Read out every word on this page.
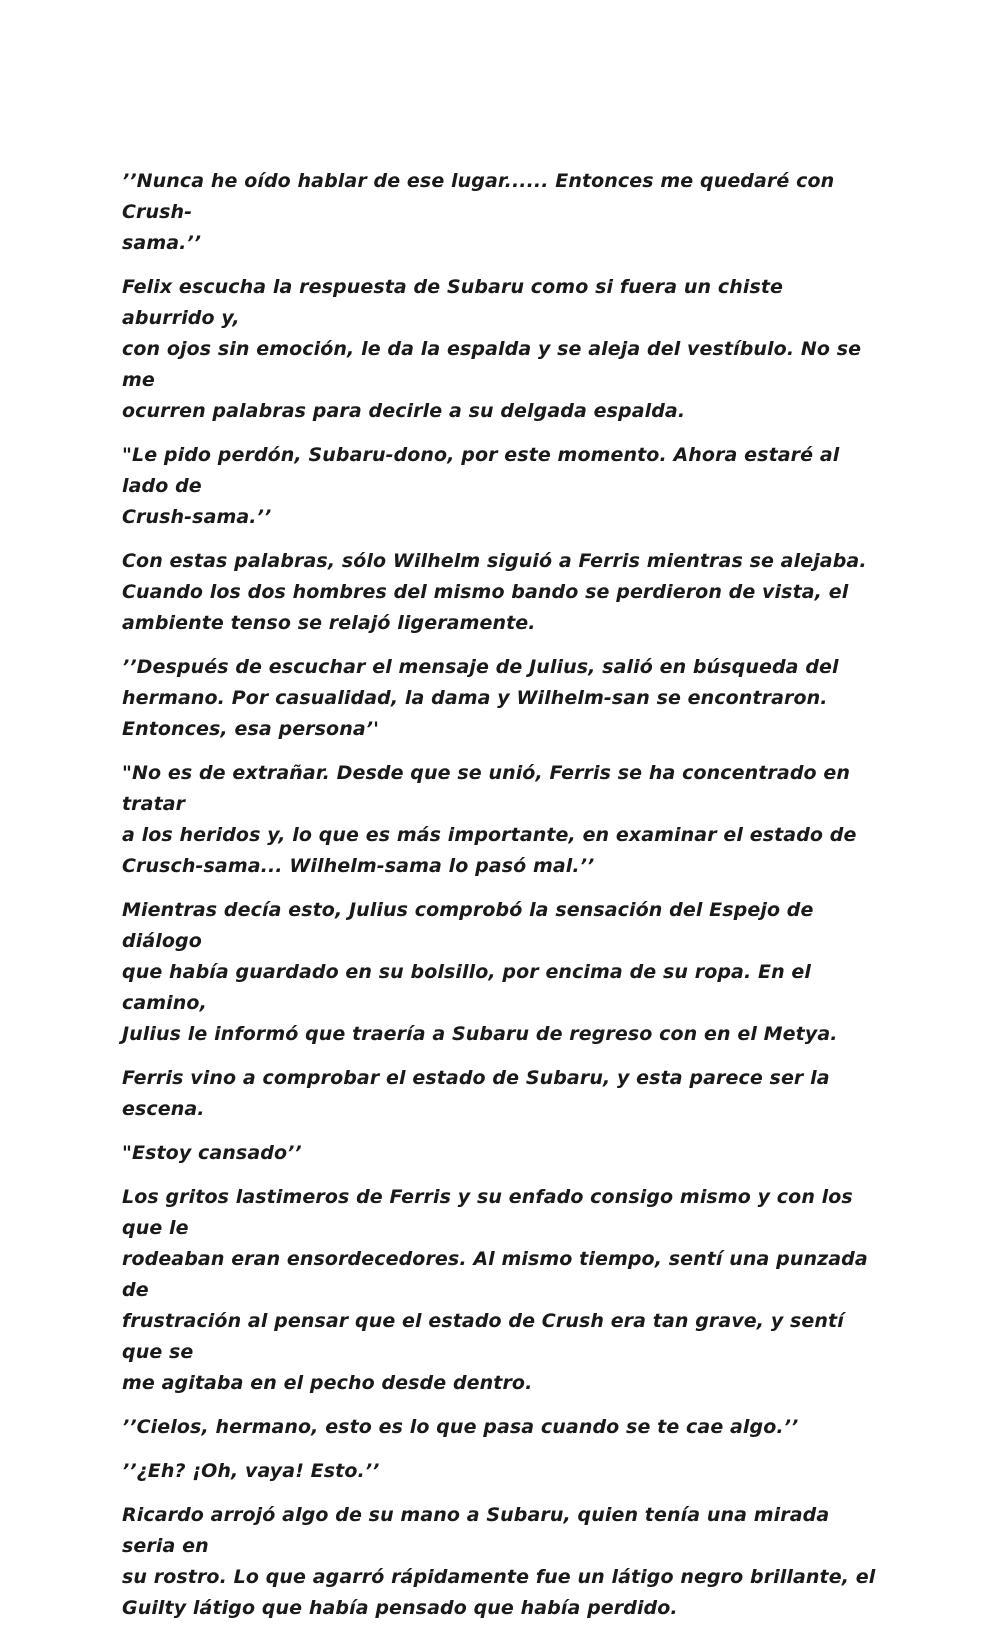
’’Nunca he oído hablar de ese lugar...... Entonces me quedaré con Crush-
sama.’’

Felix escucha la respuesta de Subaru como si fuera un chiste aburrido y,
con ojos sin emoción, le da la espalda y se aleja del vestíbulo. No se me
ocurren palabras para decirle a su delgada espalda.

"Le pido perdón, Subaru-dono, por este momento. Ahora estaré al lado de
Crush-sama.’’

Con estas palabras, sólo Wilhelm siguió a Ferris mientras se alejaba.
Cuando los dos hombres del mismo bando se perdieron de vista, el
ambiente tenso se relajó ligeramente.

’’Después de escuchar el mensaje de Julius, salió en búsqueda del
hermano. Por casualidad, la dama y Wilhelm-san se encontraron.
Entonces, esa persona’'

"No es de extrañar. Desde que se unió, Ferris se ha concentrado en tratar
a los heridos y, lo que es más importante, en examinar el estado de
Crusch-sama... Wilhelm-sama lo pasó mal.’’

Mientras decía esto, Julius comprobó la sensación del Espejo de diálogo
que había guardado en su bolsillo, por encima de su ropa. En el camino,
Julius le informó que traería a Subaru de regreso con en el Metya.

Ferris vino a comprobar el estado de Subaru, y esta parece ser la escena.

"Estoy cansado’’

Los gritos lastimeros de Ferris y su enfado consigo mismo y con los que le
rodeaban eran ensordecedores. Al mismo tiempo, sentí una punzada de
frustración al pensar que el estado de Crush era tan grave, y sentí que se
me agitaba en el pecho desde dentro.

’’Cielos, hermano, esto es lo que pasa cuando se te cae algo.’’

’’¿Eh? ¡Oh, vaya! Esto.’’

Ricardo arrojó algo de su mano a Subaru, quien tenía una mirada seria en
su rostro. Lo que agarró rápidamente fue un látigo negro brillante, el
Guilty látigo que había pensado que había perdido.
